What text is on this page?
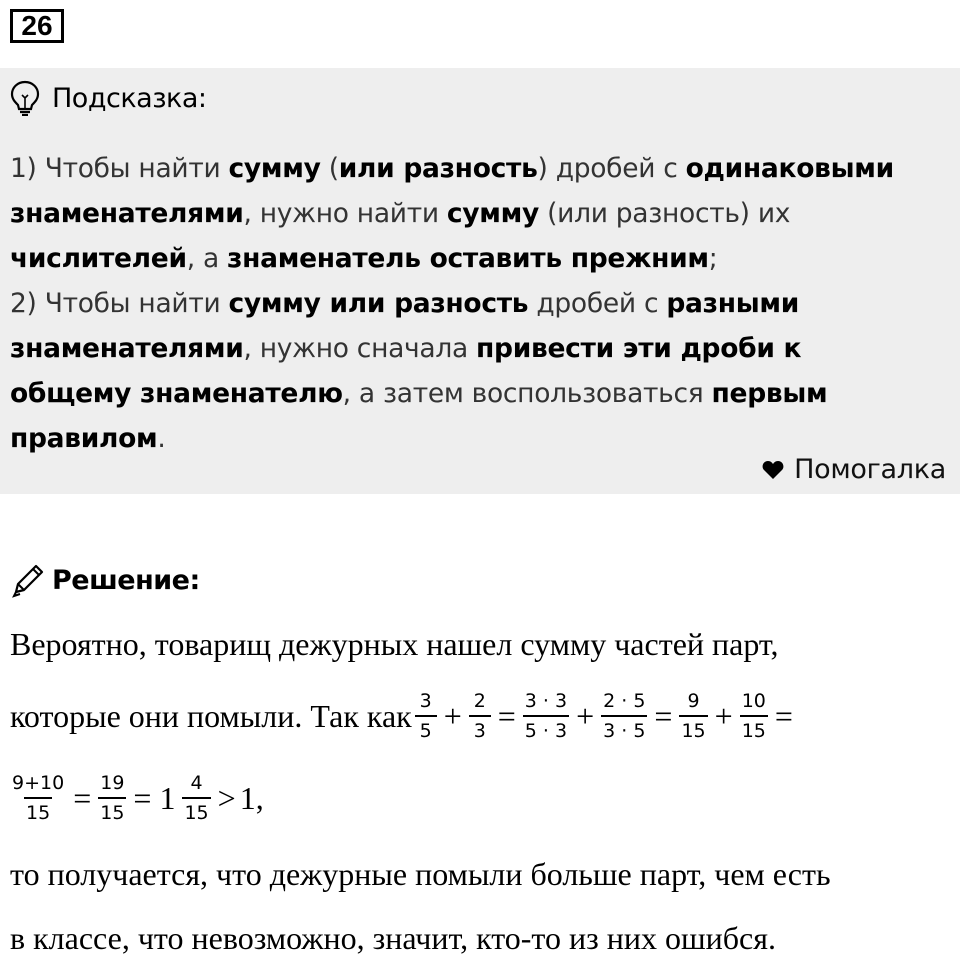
26
Подсказка:
1) Чтобы найти сумму (или разность) дробей с одинаковыми
знаменателями, нужно найти сумму (или разность) их
числителей, а знаменатель оставить прежним;
2) Чтобы найти сумму или разность дробей с разными
знаменателями, нужно сначала привести эти дроби к
общему знаменателю, а затем воспользоваться первым
правилом.
Помогалка
Решение:
Вероятно, товарищ дежурных нашел сумму частей парт,
которые они помыли. Так как $\frac{3}{5} + \frac{2}{3} = \frac{3 \cdot 3}{5 \cdot 3} + \frac{2 \cdot 5}{3 \cdot 5} = \frac{9}{15} + \frac{10}{15}$ =
$\frac{9+10}{15} = \frac{19}{15} = 1 \frac{4}{15} > 1$,
то получается, что дежурные помыли больше парт, чем есть
в классе, что невозможно, значит, кто-то из них ошибся.
